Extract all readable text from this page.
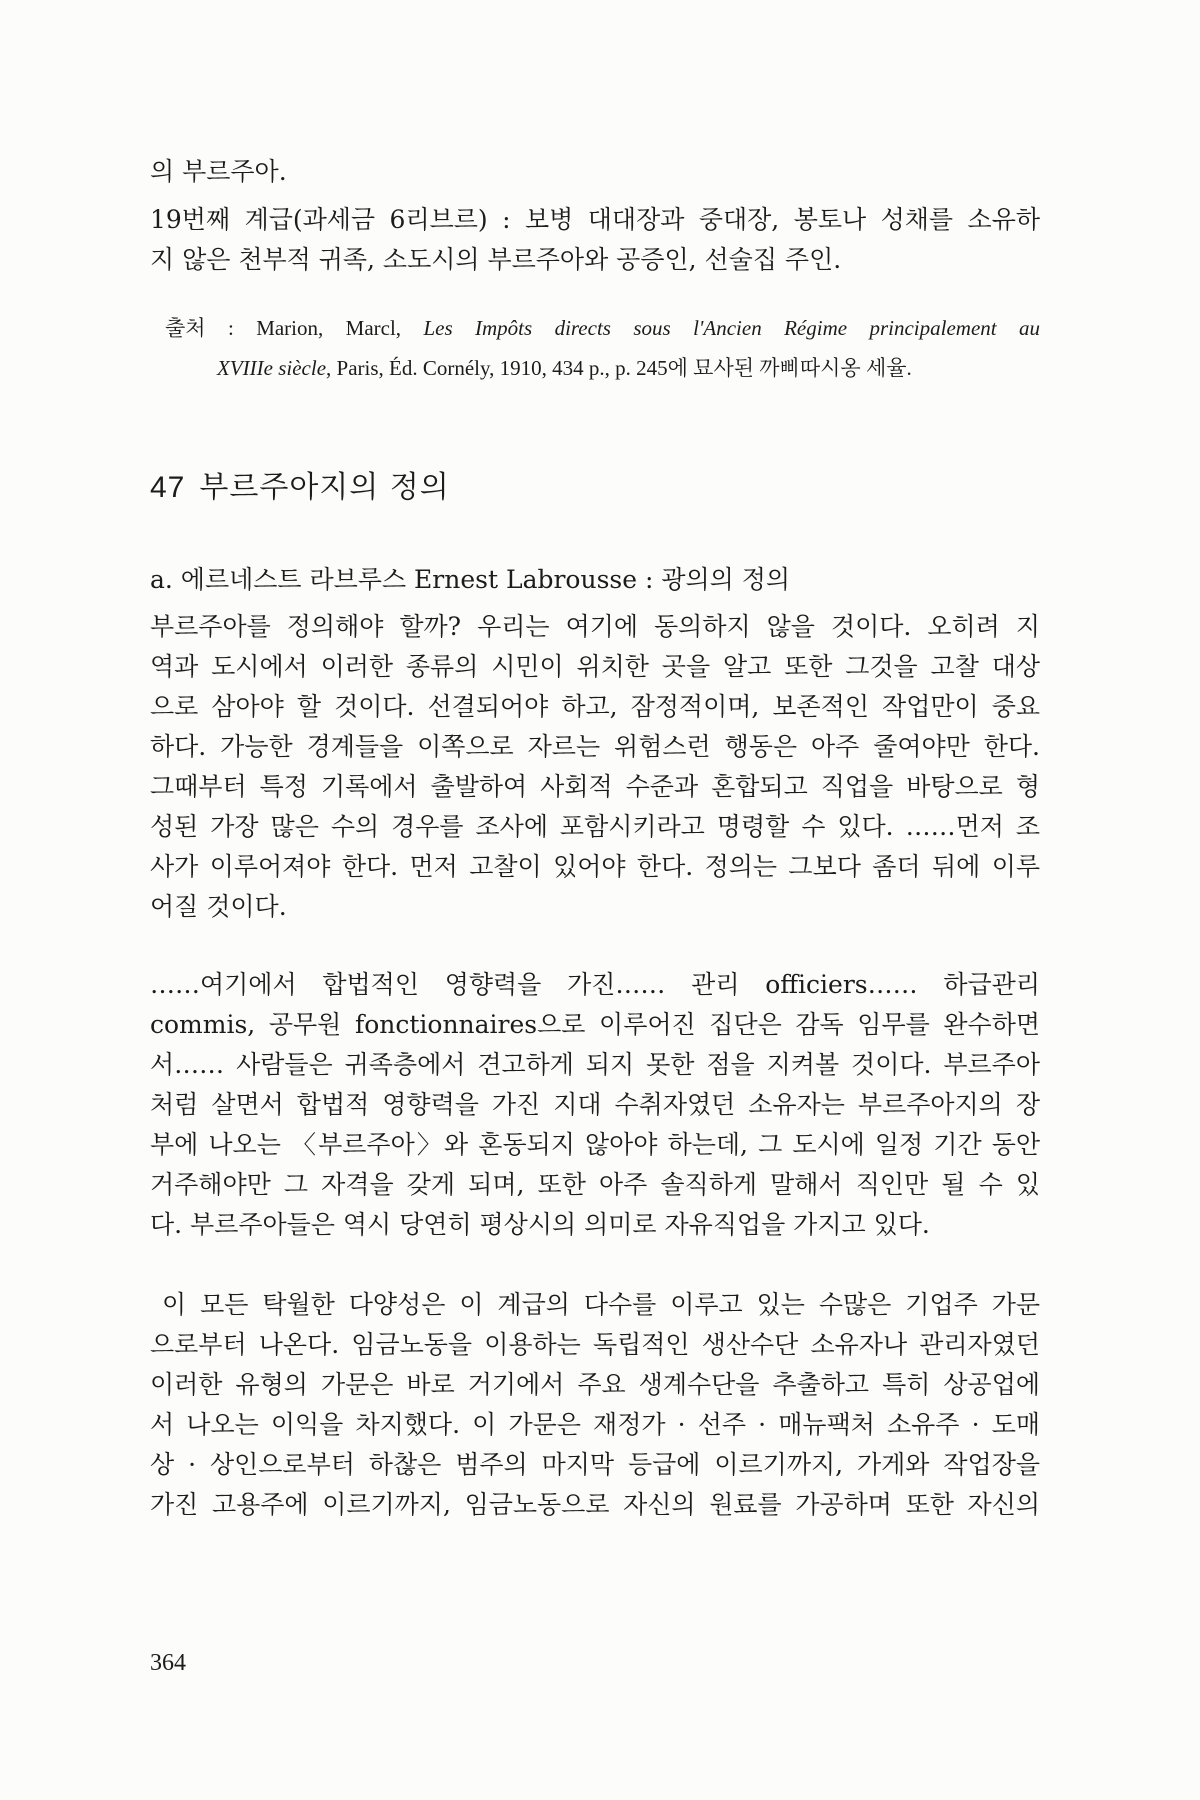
의 부르주아.
19번째 계급(과세금 6리브르) : 보병 대대장과 중대장, 봉토나 성채를 소유하
지 않은 천부적 귀족, 소도시의 부르주아와 공증인, 선술집 주인.
출처 : Marion, Marcl, Les Impôts directs sous l'Ancien Régime principalement au
XVIIIe siècle, Paris, Éd. Cornély, 1910, 434 p., p. 245에 묘사된 까삐따시옹 세율.
47 부르주아지의 정의
a. 에르네스트 라브루스 Ernest Labrousse : 광의의 정의
부르주아를 정의해야 할까? 우리는 여기에 동의하지 않을 것이다. 오히려 지
역과 도시에서 이러한 종류의 시민이 위치한 곳을 알고 또한 그것을 고찰 대상
으로 삼아야 할 것이다. 선결되어야 하고, 잠정적이며, 보존적인 작업만이 중요
하다. 가능한 경계들을 이쪽으로 자르는 위험스런 행동은 아주 줄여야만 한다.
그때부터 특정 기록에서 출발하여 사회적 수준과 혼합되고 직업을 바탕으로 형
성된 가장 많은 수의 경우를 조사에 포함시키라고 명령할 수 있다. ……먼저 조
사가 이루어져야 한다. 먼저 고찰이 있어야 한다. 정의는 그보다 좀더 뒤에 이루
어질 것이다.
……여기에서 합법적인 영향력을 가진…… 관리 officiers…… 하급관리
commis, 공무원 fonctionnaires으로 이루어진 집단은 감독 임무를 완수하면
서…… 사람들은 귀족층에서 견고하게 되지 못한 점을 지켜볼 것이다. 부르주아
처럼 살면서 합법적 영향력을 가진 지대 수취자였던 소유자는 부르주아지의 장
부에 나오는 〈부르주아〉와 혼동되지 않아야 하는데, 그 도시에 일정 기간 동안
거주해야만 그 자격을 갖게 되며, 또한 아주 솔직하게 말해서 직인만 될 수 있
다. 부르주아들은 역시 당연히 평상시의 의미로 자유직업을 가지고 있다.
이 모든 탁월한 다양성은 이 계급의 다수를 이루고 있는 수많은 기업주 가문
으로부터 나온다. 임금노동을 이용하는 독립적인 생산수단 소유자나 관리자였던
이러한 유형의 가문은 바로 거기에서 주요 생계수단을 추출하고 특히 상공업에
서 나오는 이익을 차지했다. 이 가문은 재정가 · 선주 · 매뉴팩처 소유주 · 도매
상 · 상인으로부터 하찮은 범주의 마지막 등급에 이르기까지, 가게와 작업장을
가진 고용주에 이르기까지, 임금노동으로 자신의 원료를 가공하며 또한 자신의
364
